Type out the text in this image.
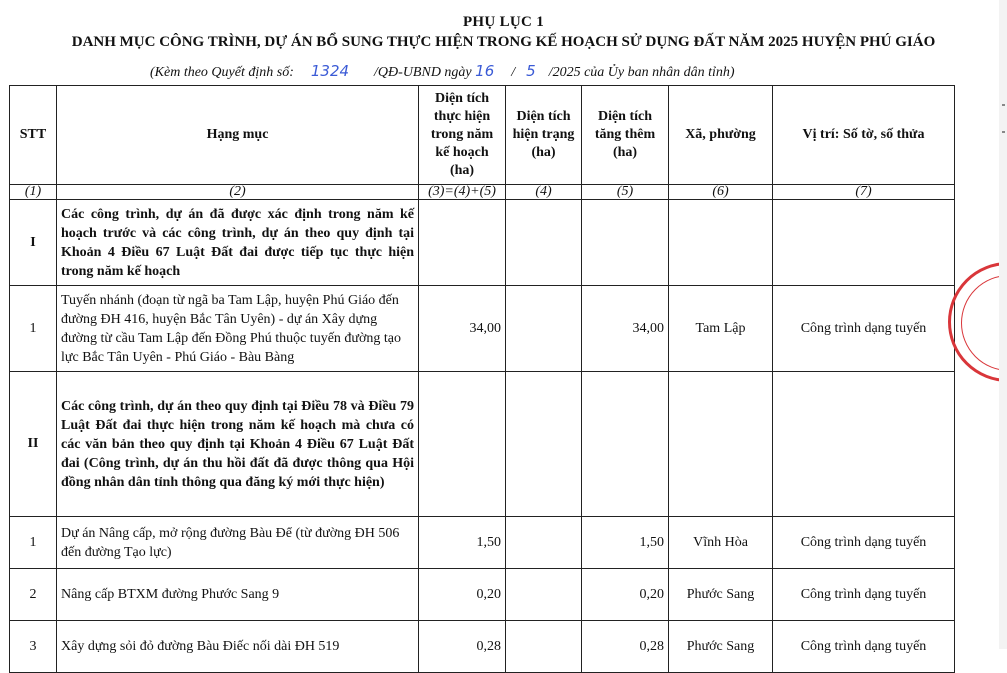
PHỤ LỤC 1
DANH MỤC CÔNG TRÌNH, DỰ ÁN BỔ SUNG THỰC HIỆN TRONG KẾ HOẠCH SỬ DỤNG ĐẤT NĂM 2025 HUYỆN PHÚ GIÁO
(Kèm theo Quyết định số: 1324 /QĐ-UBND ngày 16 / 5 /2025 của Ủy ban nhân dân tỉnh)
STT	Hạng mục	Diện tích thực hiện trong năm kế hoạch (ha)	Diện tích hiện trạng (ha)	Diện tích tăng thêm (ha)	Xã, phường	Vị trí: Số tờ, số thửa
(1)	(2)	(3)=(4)+(5)	(4)	(5)	(6)	(7)
I	Các công trình, dự án đã được xác định trong năm kế hoạch trước và các công trình, dự án theo quy định tại Khoản 4 Điều 67 Luật Đất đai được tiếp tục thực hiện trong năm kế hoạch					
1	Tuyến nhánh (đoạn từ ngã ba Tam Lập, huyện Phú Giáo đến đường ĐH 416, huyện Bắc Tân Uyên) - dự án Xây dựng đường từ cầu Tam Lập đến Đồng Phú thuộc tuyến đường tạo lực Bắc Tân Uyên - Phú Giáo - Bàu Bàng	34,00		34,00	Tam Lập	Công trình dạng tuyến
II	Các công trình, dự án theo quy định tại Điều 78 và Điều 79 Luật Đất đai thực hiện trong năm kế hoạch mà chưa có các văn bản theo quy định tại Khoản 4 Điều 67 Luật Đất đai (Công trình, dự án thu hồi đất đã được thông qua Hội đồng nhân dân tỉnh thông qua đăng ký mới thực hiện)					
1	Dự án Nâng cấp, mở rộng đường Bàu Để (từ đường ĐH 506 đến đường Tạo lực)	1,50		1,50	Vĩnh Hòa	Công trình dạng tuyến
2	Nâng cấp BTXM đường Phước Sang 9	0,20		0,20	Phước Sang	Công trình dạng tuyến
3	Xây dựng sỏi đỏ đường Bàu Điếc nối dài ĐH 519	0,28		0,28	Phước Sang	Công trình dạng tuyến
